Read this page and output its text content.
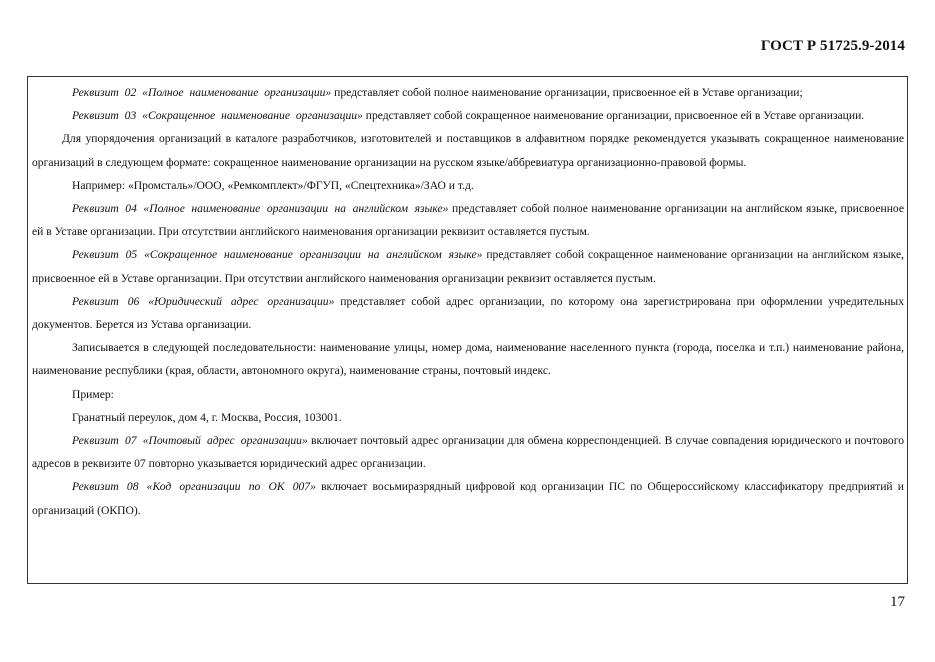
ГОСТ Р 51725.9-2014

Реквизит 02 «Полное наименование организации» представляет собой полное наименование организации, присвоенное ей в Уставе организации;

Реквизит 03 «Сокращенное наименование организации» представляет собой сокращенное наименование организации, присвоенное ей в Уставе организации.

Для упорядочения организаций в каталоге разработчиков, изготовителей и поставщиков в алфавитном порядке рекомендуется указывать сокращенное наименование организаций в следующем формате: сокращенное наименование организации на русском языке/аббревиатура организационно-правовой формы.

Например: «Промсталь»/ООО, «Ремкомплект»/ФГУП, «Спецтехника»/ЗАО и т.д.

Реквизит 04 «Полное наименование организации на английском языке» представляет собой полное наименование организации на английском языке, присвоенное ей в Уставе организации. При отсутствии английского наименования организации реквизит оставляется пустым.

Реквизит 05 «Сокращенное наименование организации на английском языке» представляет собой сокращенное наименование организации на английском языке, присвоенное ей в Уставе организации. При отсутствии английского наименования организации реквизит оставляется пустым.

Реквизит 06 «Юридический адрес организации» представляет собой адрес организации, по которому она зарегистрирована при оформлении учредительных документов. Берется из Устава организации.

Записывается в следующей последовательности: наименование улицы, номер дома, наименование населенного пункта (города, поселка и т.п.) наименование района, наименование республики (края, области, автономного округа), наименование страны, почтовый индекс.

Пример:

Гранатный переулок, дом 4, г. Москва, Россия, 103001.

Реквизит 07 «Почтовый адрес организации» включает почтовый адрес организации для обмена корреспонденцией. В случае совпадения юридического и почтового адресов в реквизите 07 повторно указывается юридический адрес организации.

Реквизит 08 «Код организации по ОК 007» включает восьмиразрядный цифровой код организации ПС по Общероссийскому классификатору предприятий и организаций (ОКПО).

17
